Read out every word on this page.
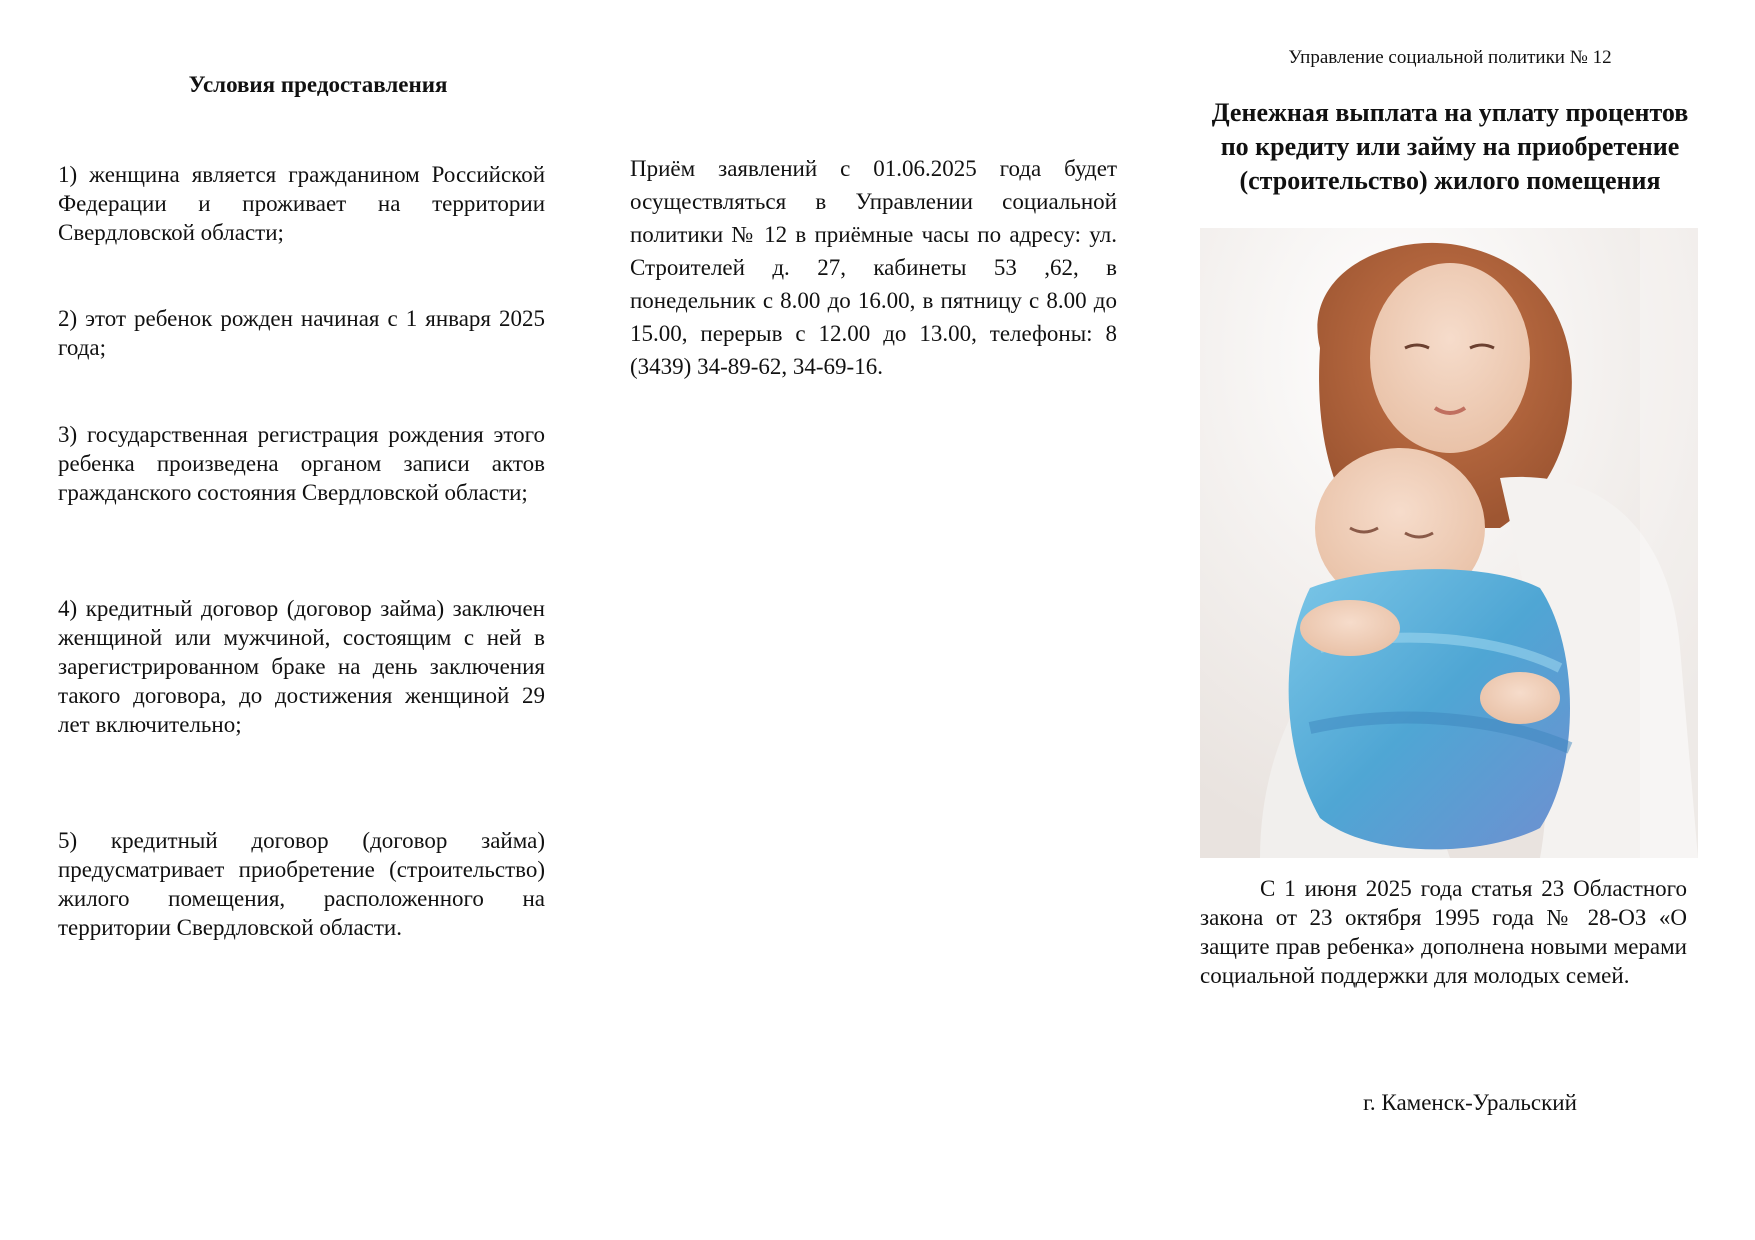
Условия предоставления

1) женщина является гражданином Российской Федерации и проживает на территории Свердловской области;

2) этот ребенок рожден начиная с 1 января 2025 года;

3) государственная регистрация рождения этого ребенка произведена органом записи актов гражданского состояния Свердловской области;

4) кредитный договор (договор займа) заключен женщиной или мужчиной, состоящим с ней в зарегистрированном браке на день заключения такого договора, до достижения женщиной 29 лет включительно;

5) кредитный договор (договор займа) предусматривает приобретение (строительство) жилого помещения, расположенного на территории Свердловской области.

Приём заявлений с 01.06.2025 года будет осуществляться в Управлении социальной политики № 12 в приёмные часы по адресу: ул. Строителей д. 27, кабинеты 53 ,62, в понедельник с 8.00 до 16.00, в пятницу с 8.00 до 15.00, перерыв с 12.00 до 13.00, телефоны: 8 (3439) 34-89-62, 34-69-16.

Управление социальной политики № 12
Денежная выплата на уплату процентов по кредиту или займу на приобретение (строительство) жилого помещения

С 1 июня 2025 года статья 23 Областного закона от 23 октября 1995 года № 28-ОЗ «О защите прав ребенка» дополнена новыми мерами социальной поддержки для молодых семей.

г. Каменск-Уральский
